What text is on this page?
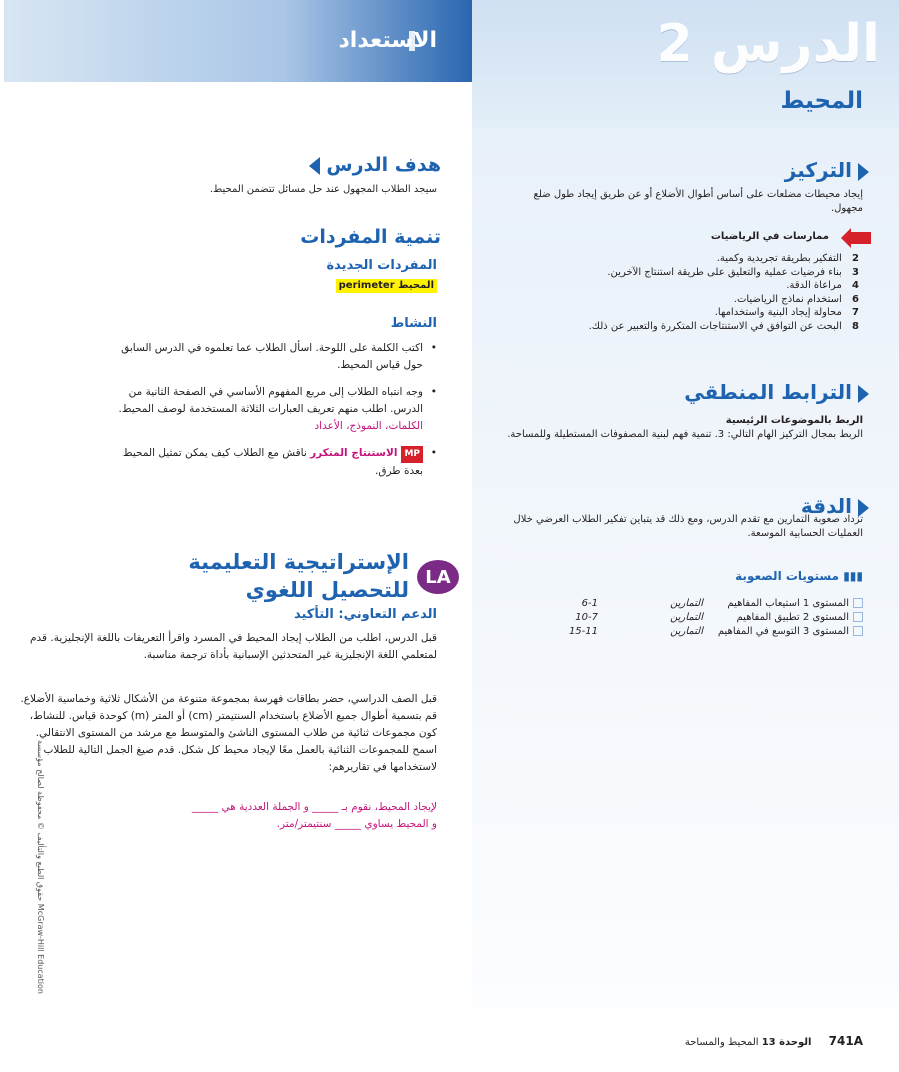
الاستعداد	الدرس 2
المحيط
التركيز
إيجاد محيطات مضلعات على أساس أطوال الأضلاع أو عن طريق إيجاد طول ضلع مجهول.
ممارسات في الرياضيات
2 التفكير بطريقة تجريدية وكمية.
3 بناء فرضيات عملية والتعليق على طريقة استنتاج الآخرين.
4 مراعاة الدقة.
6 استخدام نماذج الرياضيات.
7 محاولة إيجاد البنية واستخدامها.
8 البحث عن التوافق في الاستنتاجات المتكررة والتعبير عن ذلك.
الترابط المنطقي
الربط بالموضوعات الرئيسية
الربط بمجال التركيز الهام التالي: 3. تنمية فهم لبنية المصفوفات المستطيلة وللمساحة.
الدقة
تزداد صعوبة التمارين مع تقدم الدرس، ومع ذلك قد يتباين تفكير الطلاب العرضي خلال العمليات الحسابية الموسعة.
▮▮▮ مستويات الصعوبة
المستوى 1 استيعاب المفاهيم
التمارين
6-1
المستوى 2 تطبيق المفاهيم
التمارين
10-7
المستوى 3 التوسع في المفاهيم
التمارين
15-11
هدف الدرس
سيجد الطلاب المجهول عند حل مسائل تتضمن المحيط.
تنمية المفردات
المفردات الجديدة
المحيط perimeter
النشاط
• اكتب الكلمة على اللوحة. اسأل الطلاب عما تعلموه في الدرس السابق حول قياس المحيط.
• وجه انتباه الطلاب إلى مربع المفهوم الأساسي في الصفحة الثانية من الدرس. اطلب منهم تعريف العبارات الثلاثة المستخدمة لوصف المحيط. الكلمات، النموذج، الأعداد
• MPالاستنتاج المتكرر ناقش مع الطلاب كيف يمكن تمثيل المحيط بعدة طرق.
LA
الإستراتيجية التعليمية للتحصيل اللغوي
الدعم التعاوني: التأكيد
قبل الدرس، اطلب من الطلاب إيجاد المحيط في المسرد واقرأ التعريفات باللغة الإنجليزية. قدم لمتعلمي اللغة الإنجليزية غير المتحدثين الإسبانية بأداة ترجمة مناسبة.
قبل الصف الدراسي، حضر بطاقات فهرسة بمجموعة متنوعة من الأشكال ثلاثية وخماسية الأضلاع. قم بتسمية أطوال جميع الأضلاع باستخدام السنتيمتر (cm) أو المتر (m) كوحدة قياس. للنشاط، كون مجموعات ثنائية من طلاب المستوى الناشئ والمتوسط مع مرشد من المستوى الانتقالي. اسمح للمجموعات الثنائية بالعمل معًا لإيجاد محيط كل شكل. قدم صيغ الجمل التالية للطلاب لاستخدامها في تقاريرهم:
لإيجاد المحيط، نقوم بـ _____ و الجملة العددية هي _____
و المحيط يساوي _____ سنتيمتر/متر.
حقوق الطبع والتأليف © محفوظة لصالح مؤسسة McGraw-Hill Education
741A الوحدة 13 المحيط والمساحة
